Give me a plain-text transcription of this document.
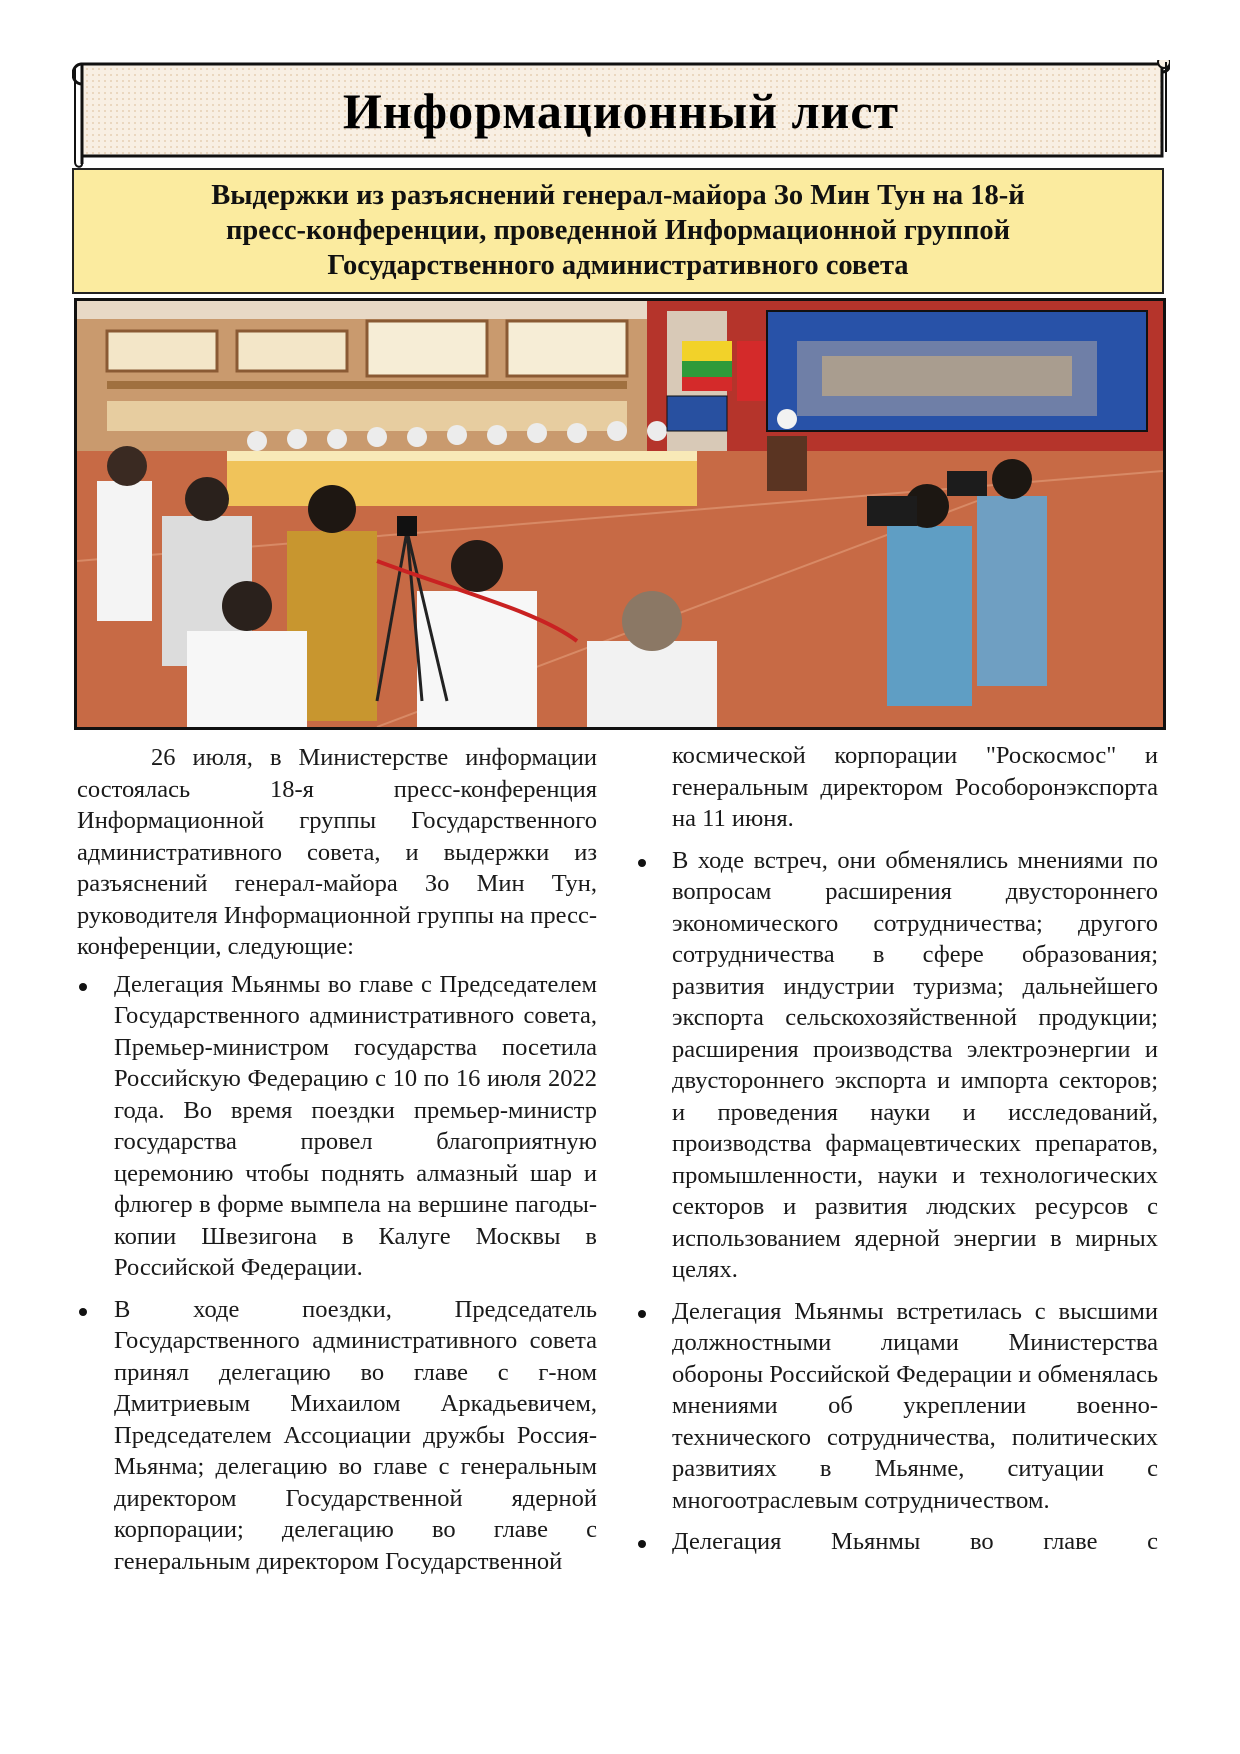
Информационный лист
Выдержки из разъяснений генерал-майора Зо Мин Тун на 18-й
пресс-конференции, проведенной Информационной группой
Государственного административного совета

26 июля, в Министерстве информации состоялась 18-я пресс-конференция Информационной группы Государственного административного совета, и выдержки из разъяснений генерал-майора Зо Мин Тун, руководителя Информационной группы на пресс-конференции, следующие:

Делегация Мьянмы во главе с Председателем Государственного административного совета, Премьер-министром государства посетила Российскую Федерацию с 10 по 16 июля 2022 года. Во время поездки премьер-министр государства провел благоприятную церемонию чтобы поднять алмазный шар и флюгер в форме вымпела на вершине пагоды-копии Швезигона в Калуге Москвы в Российской Федерации.
В ходе поездки, Председатель Государственного административного совета принял делегацию во главе с г-ном Дмитриевым Михаилом Аркадьевичем, Председателем Ассоциации дружбы Россия-Мьянма; делегацию во главе с генеральным директором Государственной ядерной корпорации; делегацию во главе с генеральным директором Государственной

космической корпорации "Роскосмос" и генеральным директором Рособоронэкспорта на 11 июня.

В ходе встреч, они обменялись мнениями по вопросам расширения двустороннего экономического сотрудничества; другого сотрудничества в сфере образования; развития индустрии туризма; дальнейшего экспорта сельскохозяйственной продукции; расширения производства электроэнергии и двустороннего экспорта и импорта секторов; и проведения науки и исследований, производства фармацевтических препаратов, промышленности, науки и технологических секторов и развития людских ресурсов с использованием ядерной энергии в мирных целях.
Делегация Мьянмы встретилась с высшими должностными лицами Министерства обороны Российской Федерации и обменялась мнениями об укреплении военно-технического сотрудничества, политических развитиях в Мьянме, ситуации с многоотраслевым сотрудничеством.
Делегация Мьянмы во главе с
